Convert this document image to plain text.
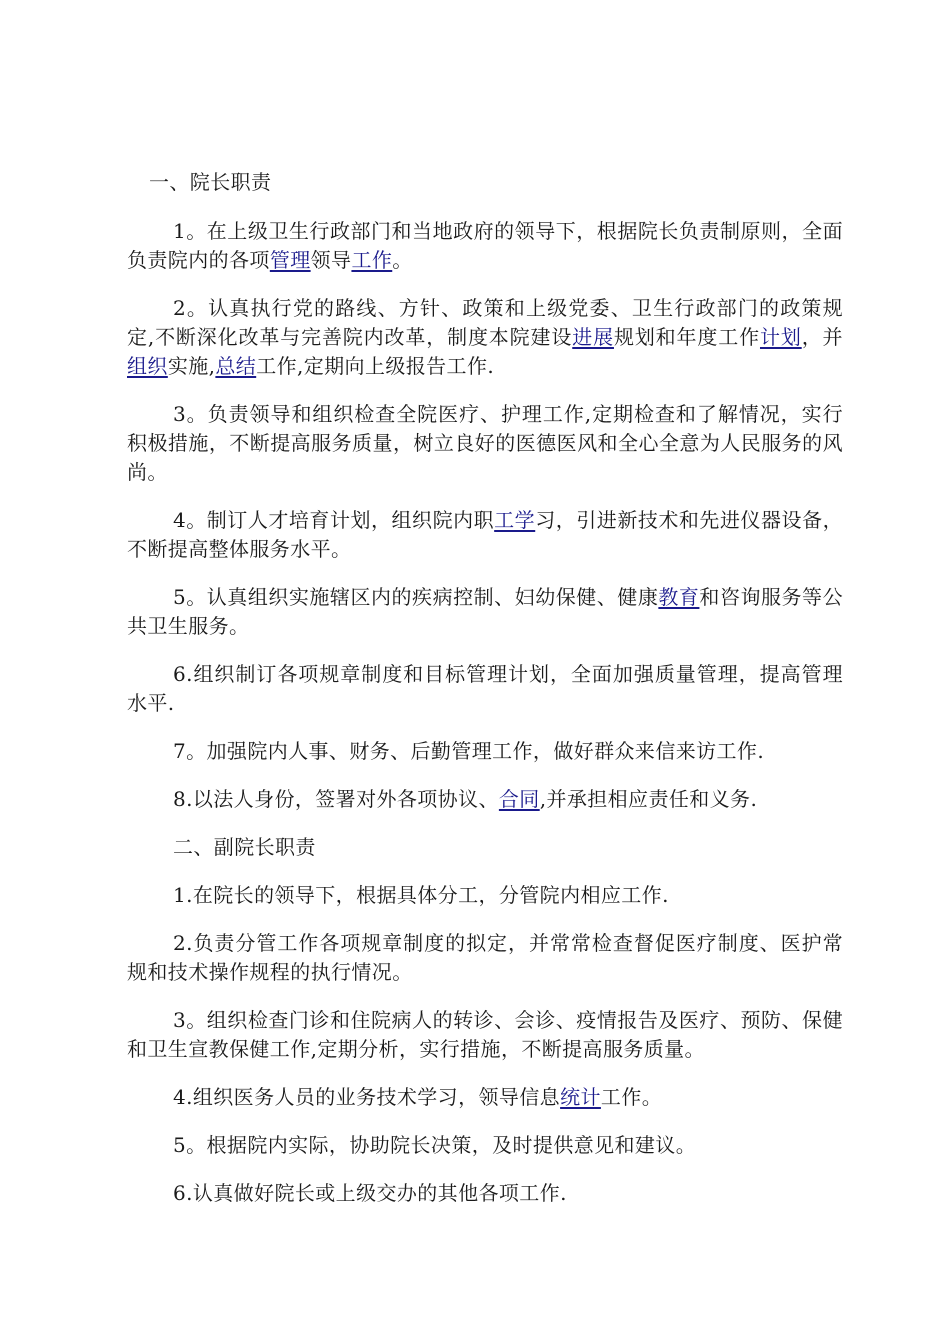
一、院长职责

1。在上级卫生行政部门和当地政府的领导下，根据院长负责制原则，全面负责院内的各项管理领导工作。

2。认真执行党的路线、方针、政策和上级党委、卫生行政部门的政策规定,不断深化改革与完善院内改革，制度本院建设进展规划和年度工作计划，并组织实施,总结工作,定期向上级报告工作.

3。负责领导和组织检查全院医疗、护理工作,定期检查和了解情况，实行积极措施，不断提高服务质量，树立良好的医德医风和全心全意为人民服务的风尚。

4。制订人才培育计划，组织院内职工学习，引进新技术和先进仪器设备，不断提高整体服务水平。

5。认真组织实施辖区内的疾病控制、妇幼保健、健康教育和咨询服务等公共卫生服务。

6.组织制订各项规章制度和目标管理计划，全面加强质量管理，提高管理水平.

7。加强院内人事、财务、后勤管理工作，做好群众来信来访工作.

8.以法人身份，签署对外各项协议、合同,并承担相应责任和义务.

二、副院长职责

1.在院长的领导下，根据具体分工，分管院内相应工作.

2.负责分管工作各项规章制度的拟定，并常常检查督促医疗制度、医护常规和技术操作规程的执行情况。

3。组织检查门诊和住院病人的转诊、会诊、疫情报告及医疗、预防、保健和卫生宣教保健工作,定期分析，实行措施，不断提高服务质量。

4.组织医务人员的业务技术学习，领导信息统计工作。

5。根据院内实际，协助院长决策，及时提供意见和建议。

6.认真做好院长或上级交办的其他各项工作.
